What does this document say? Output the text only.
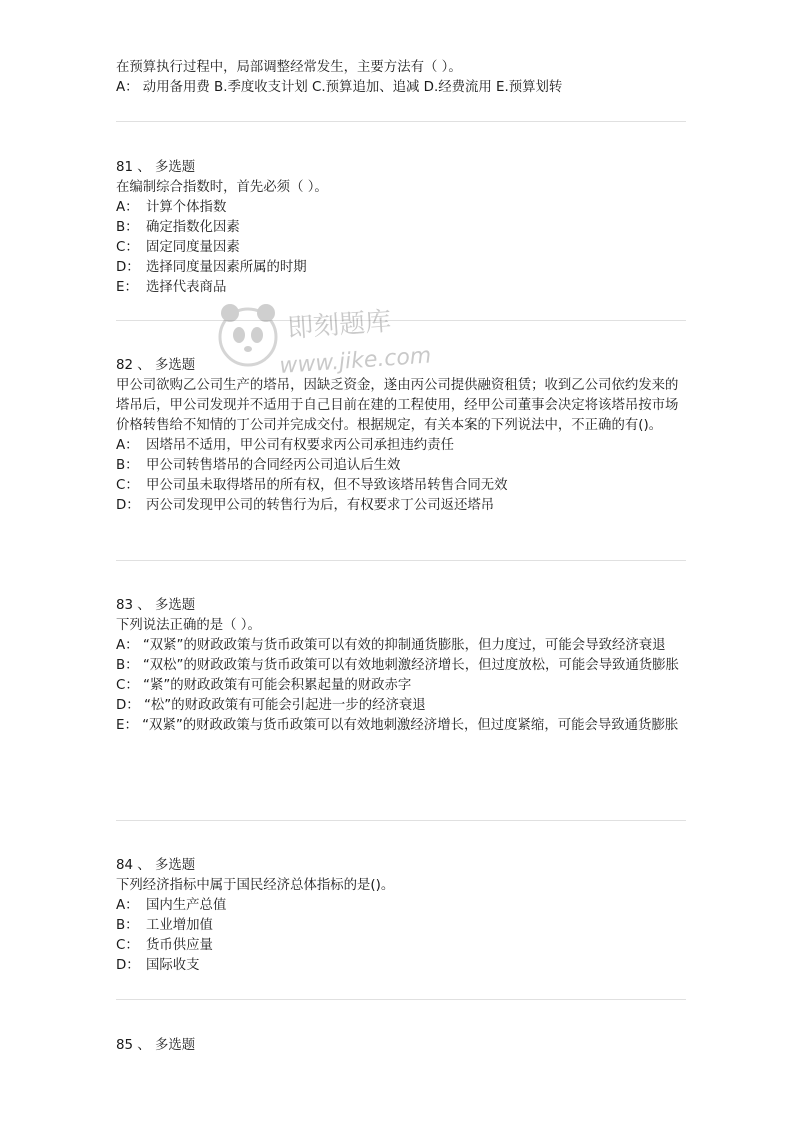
在预算执行过程中，局部调整经常发生，主要方法有（ ）。
A： 动用备用费 B.季度收支计划 C.预算追加、追减 D.经费流用 E.预算划转
81 、 多选题
在编制综合指数时，首先必须（ ）。
A： 计算个体指数
B： 确定指数化因素
C： 固定同度量因素
D： 选择同度量因素所属的时期
E： 选择代表商品
82 、 多选题
甲公司欲购乙公司生产的塔吊，因缺乏资金，遂由丙公司提供融资租赁；收到乙公司依约发来的塔吊后，甲公司发现并不适用于自己目前在建的工程使用，经甲公司董事会决定将该塔吊按市场价格转售给不知情的丁公司并完成交付。根据规定，有关本案的下列说法中，不正确的有()。
A： 因塔吊不适用，甲公司有权要求丙公司承担违约责任
B： 甲公司转售塔吊的合同经丙公司追认后生效
C： 甲公司虽未取得塔吊的所有权，但不导致该塔吊转售合同无效
D： 丙公司发现甲公司的转售行为后，有权要求丁公司返还塔吊
83 、 多选题
下列说法正确的是（ ）。
A： “双紧”的财政政策与货币政策可以有效的抑制通货膨胀，但力度过，可能会导致经济衰退
B： “双松”的财政政策与货币政策可以有效地刺激经济增长，但过度放松，可能会导致通货膨胀
C： “紧”的财政政策有可能会积累起量的财政赤字
D： “松”的财政政策有可能会引起进一步的经济衰退
E： “双紧”的财政政策与货币政策可以有效地刺激经济增长，但过度紧缩，可能会导致通货膨胀
84 、 多选题
下列经济指标中属于国民经济总体指标的是()。
A： 国内生产总值
B： 工业增加值
C： 货币供应量
D： 国际收支
85 、 多选题
即刻题库
www.jike.com
